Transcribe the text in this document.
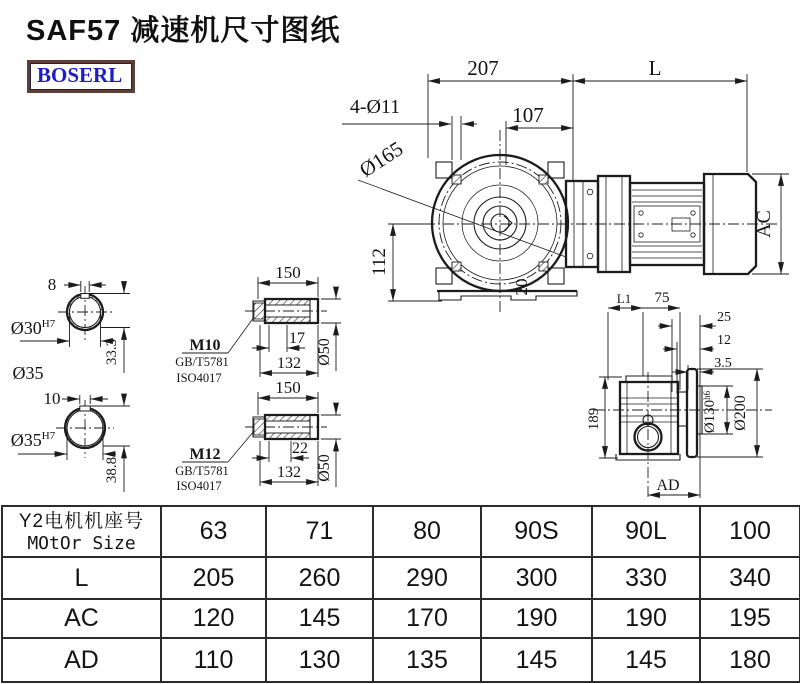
SAF57 减速机尺寸图纸
BOSERL	207	L
107
4-Ø11
Ø165
112
AC
20
8
$Ø30^{H7}$
33.3
Ø35
10
$Ø35^{H7}$
38.8
150
17
132 Ø50
M10
GB/T5781
ISO4017	150
22
132 Ø50
M12
GB/T5781
ISO4017
L1 75
25
12
3.5
189	$Ø130^{h6}$	Ø200
AD
Y2电机机座号
MOtOr Size	63	71	80	90S	90L	100
L	205	260	290	300	330	340
AC	120	145	170	190	190	195
AD	110	130	135	145	145	180
